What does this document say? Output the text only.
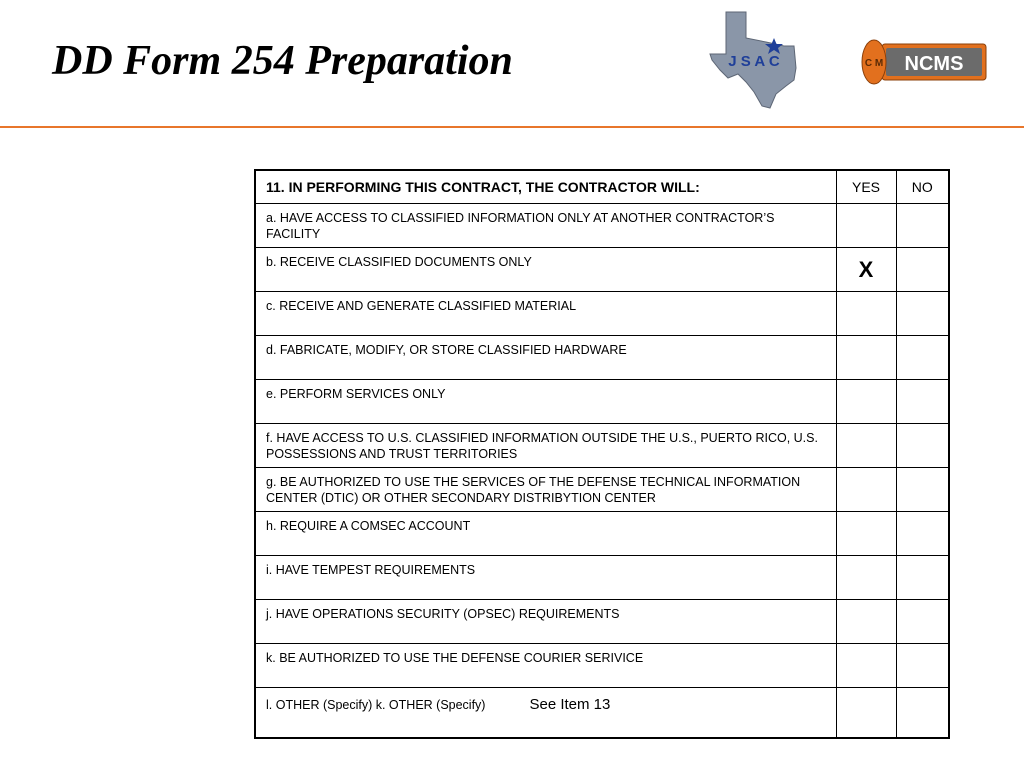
DD Form 254 Preparation	J S A C	NCMS
C M
11. IN PERFORMING THIS CONTRACT, THE CONTRACTOR WILL:	YES	NO
a. HAVE ACCESS TO CLASSIFIED INFORMATION ONLY AT ANOTHER CONTRACTOR’S FACILITY		
b. RECEIVE CLASSIFIED DOCUMENTS ONLY	X	
c. RECEIVE AND GENERATE CLASSIFIED MATERIAL		
d. FABRICATE, MODIFY, OR STORE CLASSIFIED HARDWARE		
e. PERFORM SERVICES ONLY		
f. HAVE ACCESS TO U.S. CLASSIFIED INFORMATION OUTSIDE THE U.S., PUERTO RICO, U.S. POSSESSIONS AND TRUST TERRITORIES		
g. BE AUTHORIZED TO USE THE SERVICES OF THE DEFENSE TECHNICAL INFORMATION CENTER (DTIC) OR OTHER SECONDARY DISTRIBYTION CENTER		
h. REQUIRE A COMSEC ACCOUNT		
i. HAVE TEMPEST REQUIREMENTS		
j. HAVE OPERATIONS SECURITY (OPSEC) REQUIREMENTS		
k. BE AUTHORIZED TO USE THE DEFENSE COURIER SERIVICE		
l. OTHER (Specify) k. OTHER (Specify) See Item 13		
